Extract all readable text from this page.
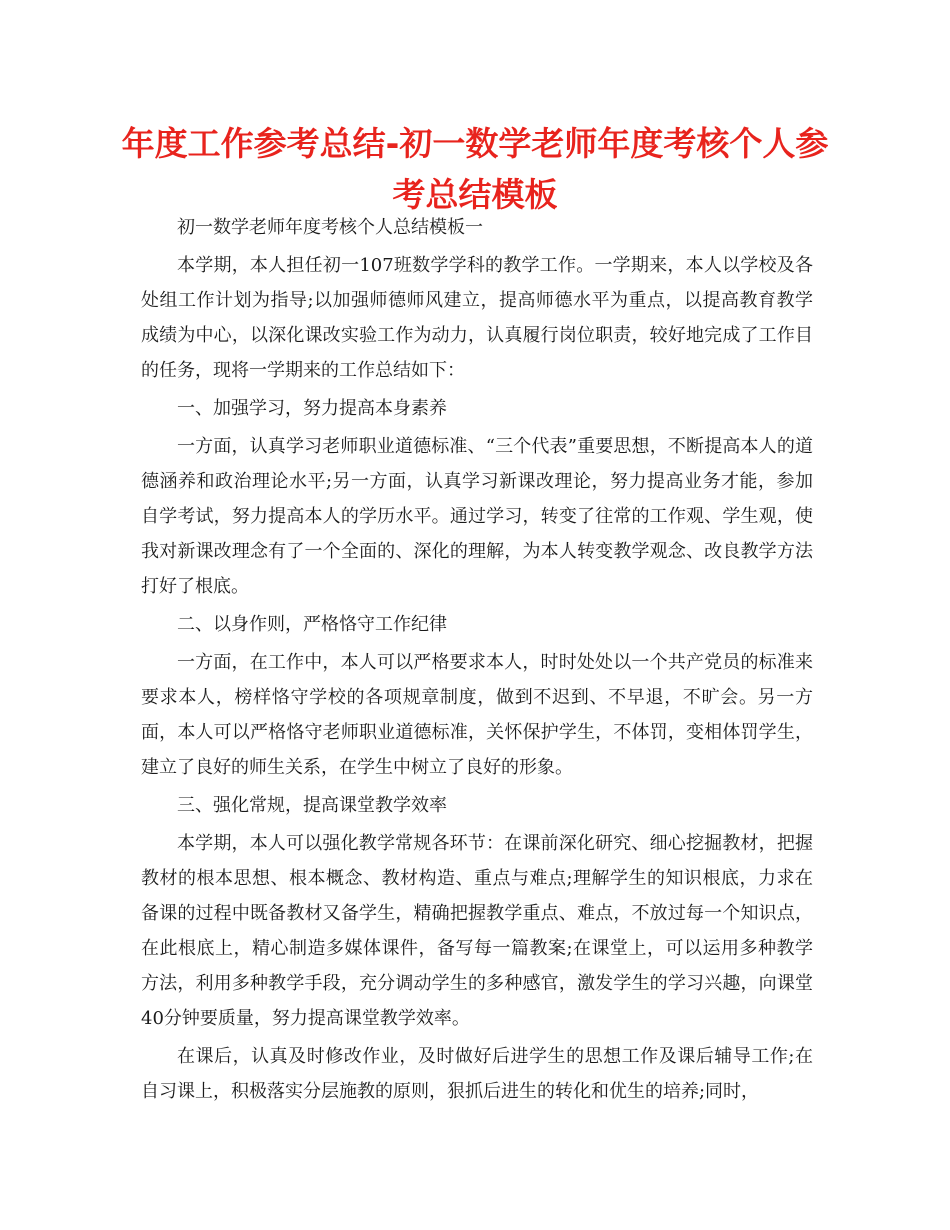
年度工作参考总结-初一数学老师年度考核个人参考总结模板

初一数学老师年度考核个人总结模板一

本学期，本人担任初一107班数学学科的教学工作。一学期来，本人以学校及各处组工作计划为指导;以加强师德师风建立，提高师德水平为重点，以提高教育教学成绩为中心，以深化课改实验工作为动力，认真履行岗位职责，较好地完成了工作目的任务，现将一学期来的工作总结如下：

一、加强学习，努力提高本身素养

一方面，认真学习老师职业道德标准、“三个代表”重要思想，不断提高本人的道德涵养和政治理论水平;另一方面，认真学习新课改理论，努力提高业务才能，参加自学考试，努力提高本人的学历水平。通过学习，转变了往常的工作观、学生观，使我对新课改理念有了一个全面的、深化的理解，为本人转变教学观念、改良教学方法打好了根底。

二、以身作则，严格恪守工作纪律

一方面，在工作中，本人可以严格要求本人，时时处处以一个共产党员的标准来要求本人，榜样恪守学校的各项规章制度，做到不迟到、不早退，不旷会。另一方面，本人可以严格恪守老师职业道德标准，关怀保护学生，不体罚，变相体罚学生，建立了良好的师生关系，在学生中树立了良好的形象。

三、强化常规，提高课堂教学效率

本学期，本人可以强化教学常规各环节：在课前深化研究、细心挖掘教材，把握教材的根本思想、根本概念、教材构造、重点与难点;理解学生的知识根底，力求在备课的过程中既备教材又备学生，精确把握教学重点、难点，不放过每一个知识点，在此根底上，精心制造多媒体课件，备写每一篇教案;在课堂上，可以运用多种教学方法，利用多种教学手段，充分调动学生的多种感官，激发学生的学习兴趣，向课堂40分钟要质量，努力提高课堂教学效率。

在课后，认真及时修改作业，及时做好后进学生的思想工作及课后辅导工作;在自习课上，积极落实分层施教的原则，狠抓后进生的转化和优生的培养;同时，
